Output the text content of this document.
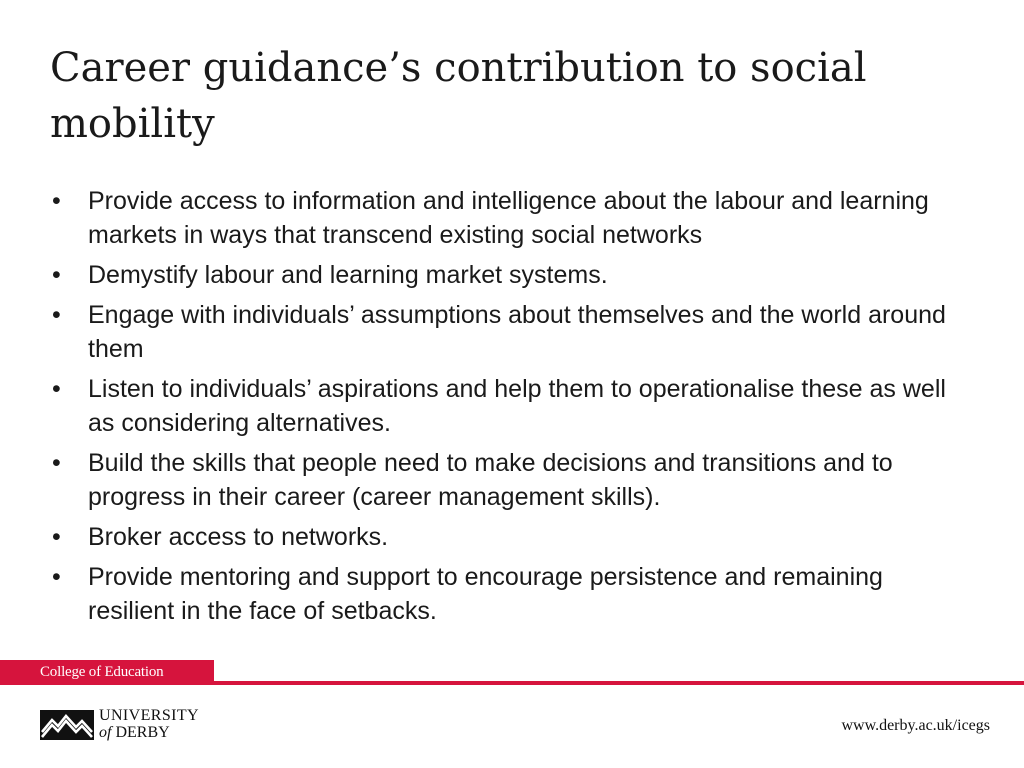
Career guidance’s contribution to social mobility
• Provide access to information and intelligence about the labour and learning markets in ways that transcend existing social networks
• Demystify labour and learning market systems.
• Engage with individuals’ assumptions about themselves and the world around them
• Listen to individuals’ aspirations and help them to operationalise these as well as considering alternatives.
• Build the skills that people need to make decisions and transitions and to progress in their career (career management skills).
• Broker access to networks.
• Provide mentoring and support to encourage persistence and remaining resilient in the face of setbacks.
College of Education
UNIVERSITY
of DERBY	www.derby.ac.uk/icegs
